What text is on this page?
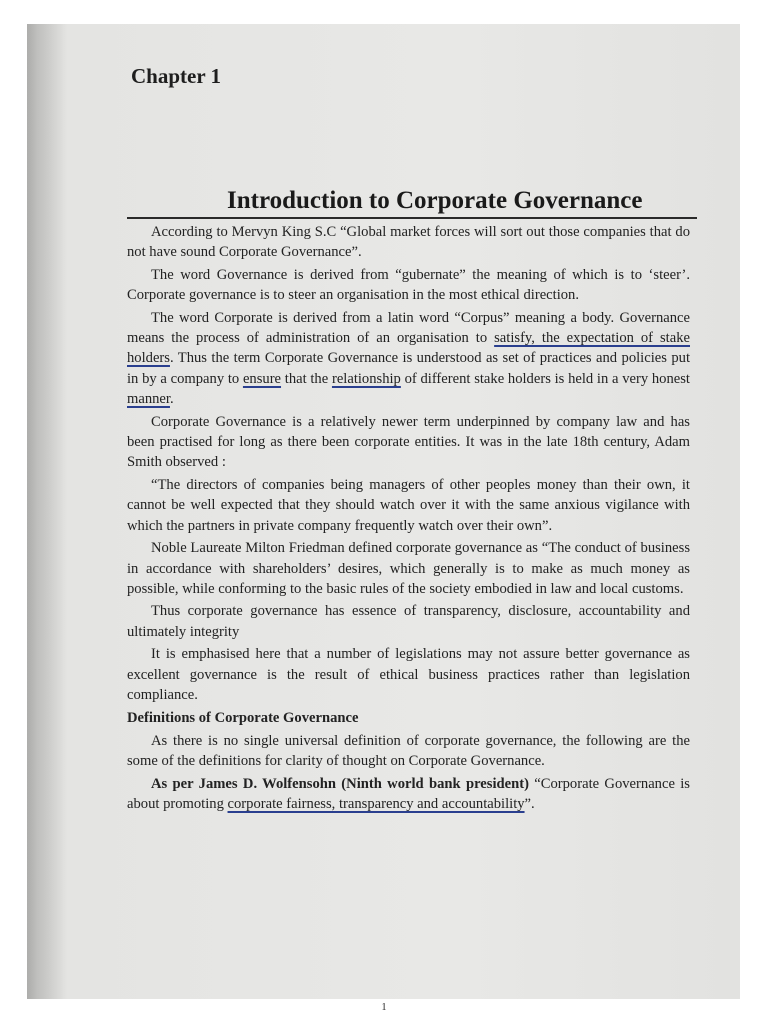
Chapter 1
Introduction to Corporate Governance

According to Mervyn King S.C “Global market forces will sort out those companies that do not have sound Corporate Governance”.

The word Governance is derived from “gubernate” the meaning of which is to ‘steer’. Corporate governance is to steer an organisation in the most ethical direction.

The word Corporate is derived from a latin word “Corpus” meaning a body. Governance means the process of administration of an organisation to satisfy, the expectation of stake holders. Thus the term Corporate Governance is understood as set of practices and policies put in by a company to ensure that the relationship of different stake holders is held in a very honest manner.

Corporate Governance is a relatively newer term underpinned by company law and has been practised for long as there been corporate entities. It was in the late 18th century, Adam Smith observed :

“The directors of companies being managers of other peoples money than their own, it cannot be well expected that they should watch over it with the same anxious vigilance with which the partners in private company frequently watch over their own”.

Noble Laureate Milton Friedman defined corporate governance as “The conduct of business in accordance with shareholders’ desires, which generally is to make as much money as possible, while conforming to the basic rules of the society embodied in law and local customs.

Thus corporate governance has essence of transparency, disclosure, accountability and ultimately integrity

It is emphasised here that a number of legislations may not assure better governance as excellent governance is the result of ethical business practices rather than legislation compliance.

Definitions of Corporate Governance

As there is no single universal definition of corporate governance, the following are the some of the definitions for clarity of thought on Corporate Governance.

As per James D. Wolfensohn (Ninth world bank president) “Corporate Governance is about promoting corporate fairness, transparency and accountability”.

1
